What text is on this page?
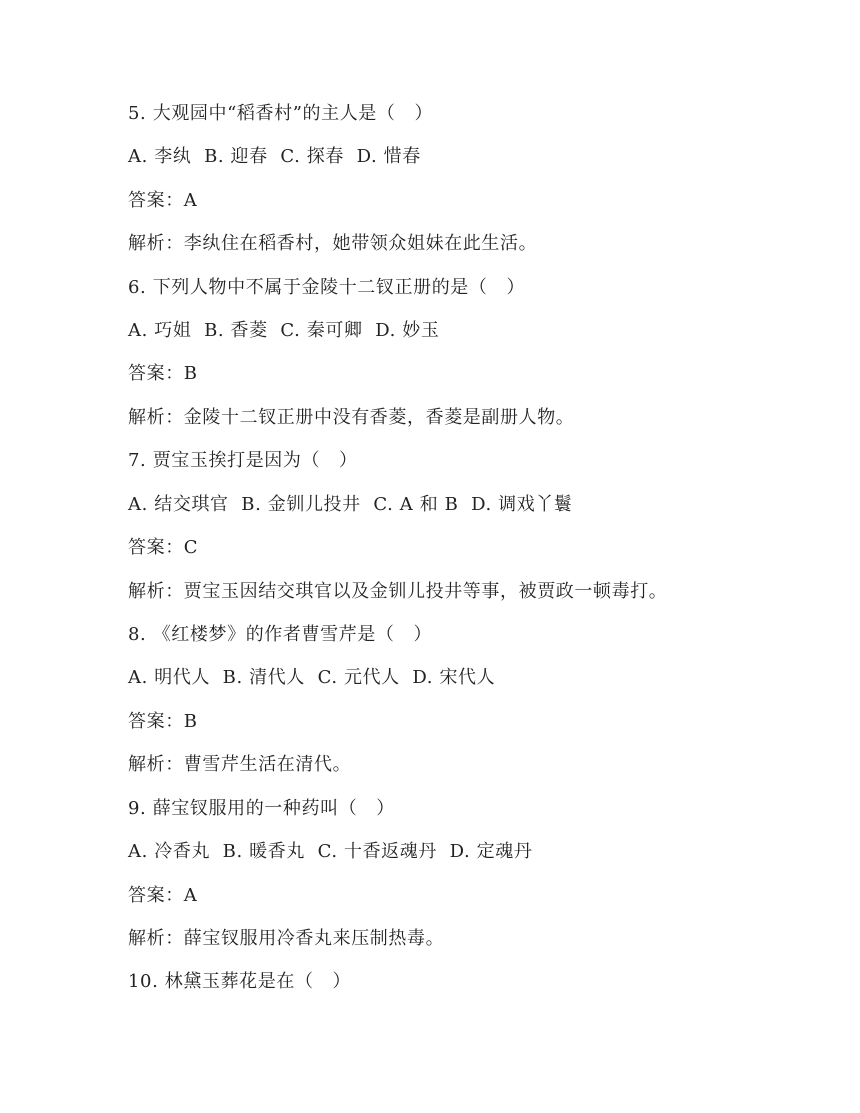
5. 大观园中“稻香村”的主人是（   ）
A. 李纨  B. 迎春  C. 探春  D. 惜春
答案：A
解析：李纨住在稻香村，她带领众姐妹在此生活。
6. 下列人物中不属于金陵十二钗正册的是（   ）
A. 巧姐  B. 香菱  C. 秦可卿  D. 妙玉
答案：B
解析：金陵十二钗正册中没有香菱，香菱是副册人物。
7. 贾宝玉挨打是因为（   ）
A. 结交琪官  B. 金钏儿投井  C. A 和 B  D. 调戏丫鬟
答案：C
解析：贾宝玉因结交琪官以及金钏儿投井等事，被贾政一顿毒打。
8. 《红楼梦》的作者曹雪芹是（   ）
A. 明代人  B. 清代人  C. 元代人  D. 宋代人
答案：B
解析：曹雪芹生活在清代。
9. 薛宝钗服用的一种药叫（   ）
A. 冷香丸  B. 暖香丸  C. 十香返魂丹  D. 定魂丹
答案：A
解析：薛宝钗服用冷香丸来压制热毒。
10. 林黛玉葬花是在（   ）
